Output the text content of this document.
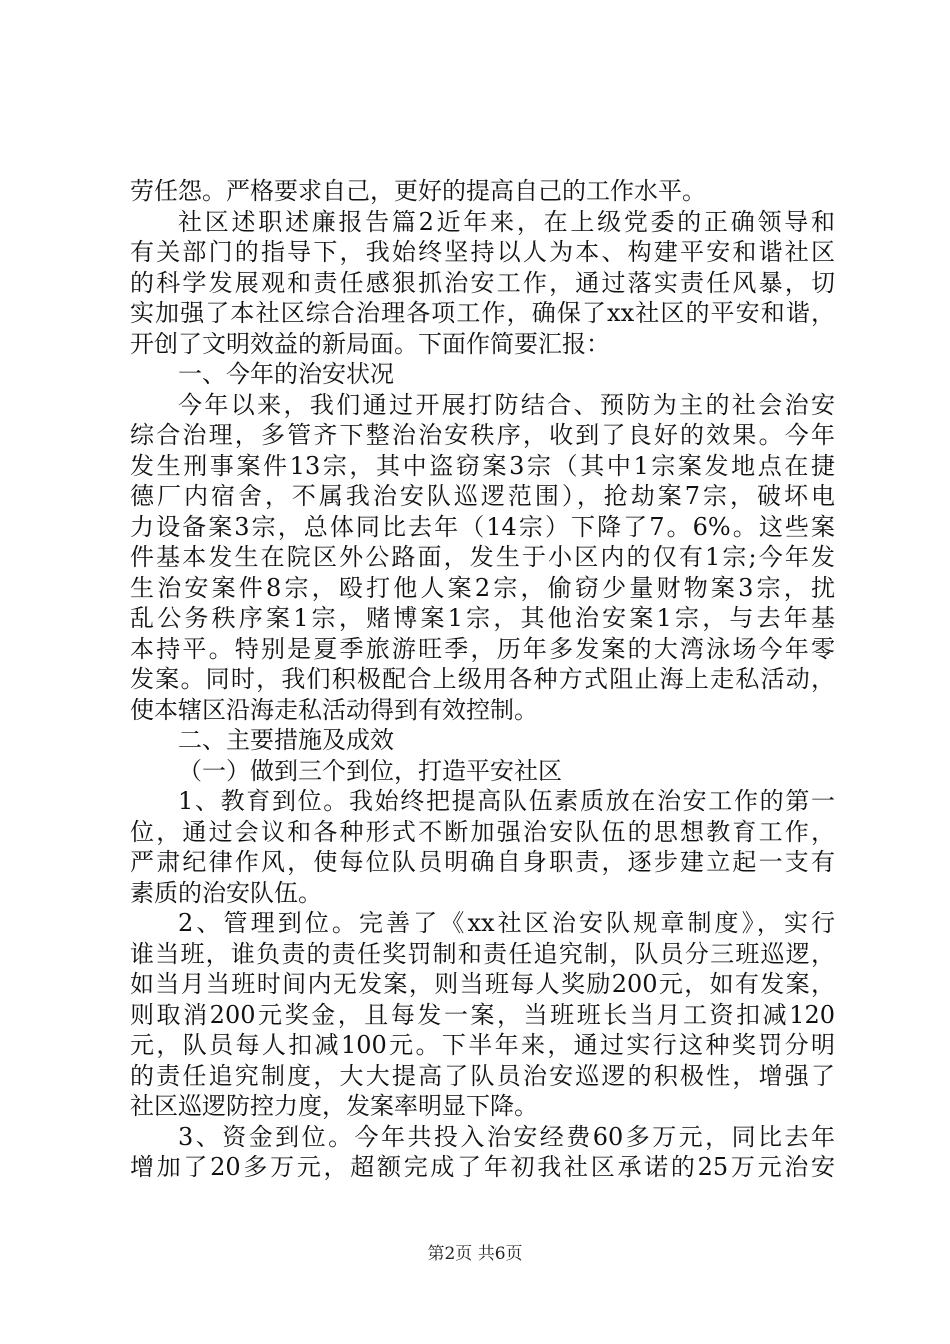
劳任怨。严格要求自己，更好的提高自己的工作水平。

社区述职述廉报告篇2近年来，在上级党委的正确领导和
有关部门的指导下，我始终坚持以人为本、构建平安和谐社区
的科学发展观和责任感狠抓治安工作，通过落实责任风暴，切
实加强了本社区综合治理各项工作，确保了xx社区的平安和谐，
开创了文明效益的新局面。下面作简要汇报：

一、今年的治安状况

今年以来，我们通过开展打防结合、预防为主的社会治安
综合治理，多管齐下整治治安秩序，收到了良好的效果。今年
发生刑事案件13宗，其中盗窃案3宗（其中1宗案发地点在捷
德厂内宿舍，不属我治安队巡逻范围），抢劫案7宗，破坏电
力设备案3宗，总体同比去年（14宗）下降了7。6%。这些案
件基本发生在院区外公路面，发生于小区内的仅有1宗;今年发
生治安案件8宗，殴打他人案2宗，偷窃少量财物案3宗，扰
乱公务秩序案1宗，赌博案1宗，其他治安案1宗，与去年基
本持平。特别是夏季旅游旺季，历年多发案的大湾泳场今年零
发案。同时，我们积极配合上级用各种方式阻止海上走私活动，
使本辖区沿海走私活动得到有效控制。

二、主要措施及成效

（一）做到三个到位，打造平安社区

1、教育到位。我始终把提高队伍素质放在治安工作的第一
位，通过会议和各种形式不断加强治安队伍的思想教育工作，
严肃纪律作风，使每位队员明确自身职责，逐步建立起一支有
素质的治安队伍。

2、管理到位。完善了《xx社区治安队规章制度》，实行
谁当班，谁负责的责任奖罚制和责任追究制，队员分三班巡逻，
如当月当班时间内无发案，则当班每人奖励200元，如有发案，
则取消200元奖金，且每发一案，当班班长当月工资扣减120
元，队员每人扣减100元。下半年来，通过实行这种奖罚分明
的责任追究制度，大大提高了队员治安巡逻的积极性，增强了
社区巡逻防控力度，发案率明显下降。

3、资金到位。今年共投入治安经费60多万元，同比去年
增加了20多万元，超额完成了年初我社区承诺的25万元治安

第2页 共6页
